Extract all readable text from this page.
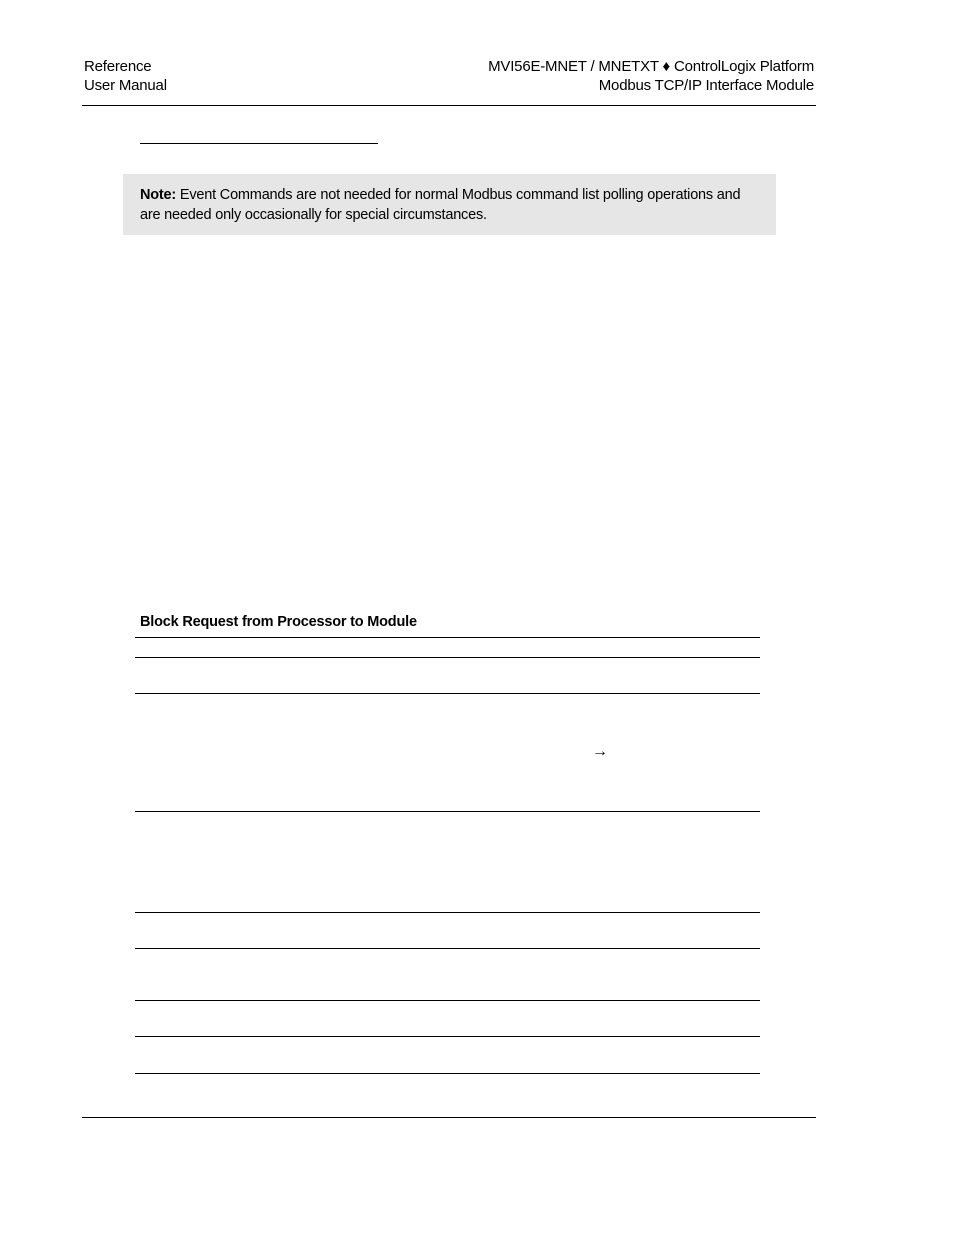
Reference
User Manual
MVI56E-MNET / MNETXT ♦ ControlLogix Platform
Modbus TCP/IP Interface Module
Note: Event Commands are not needed for normal Modbus command list polling operations and are needed only occasionally for special circumstances.
Block Request from Processor to Module
→
